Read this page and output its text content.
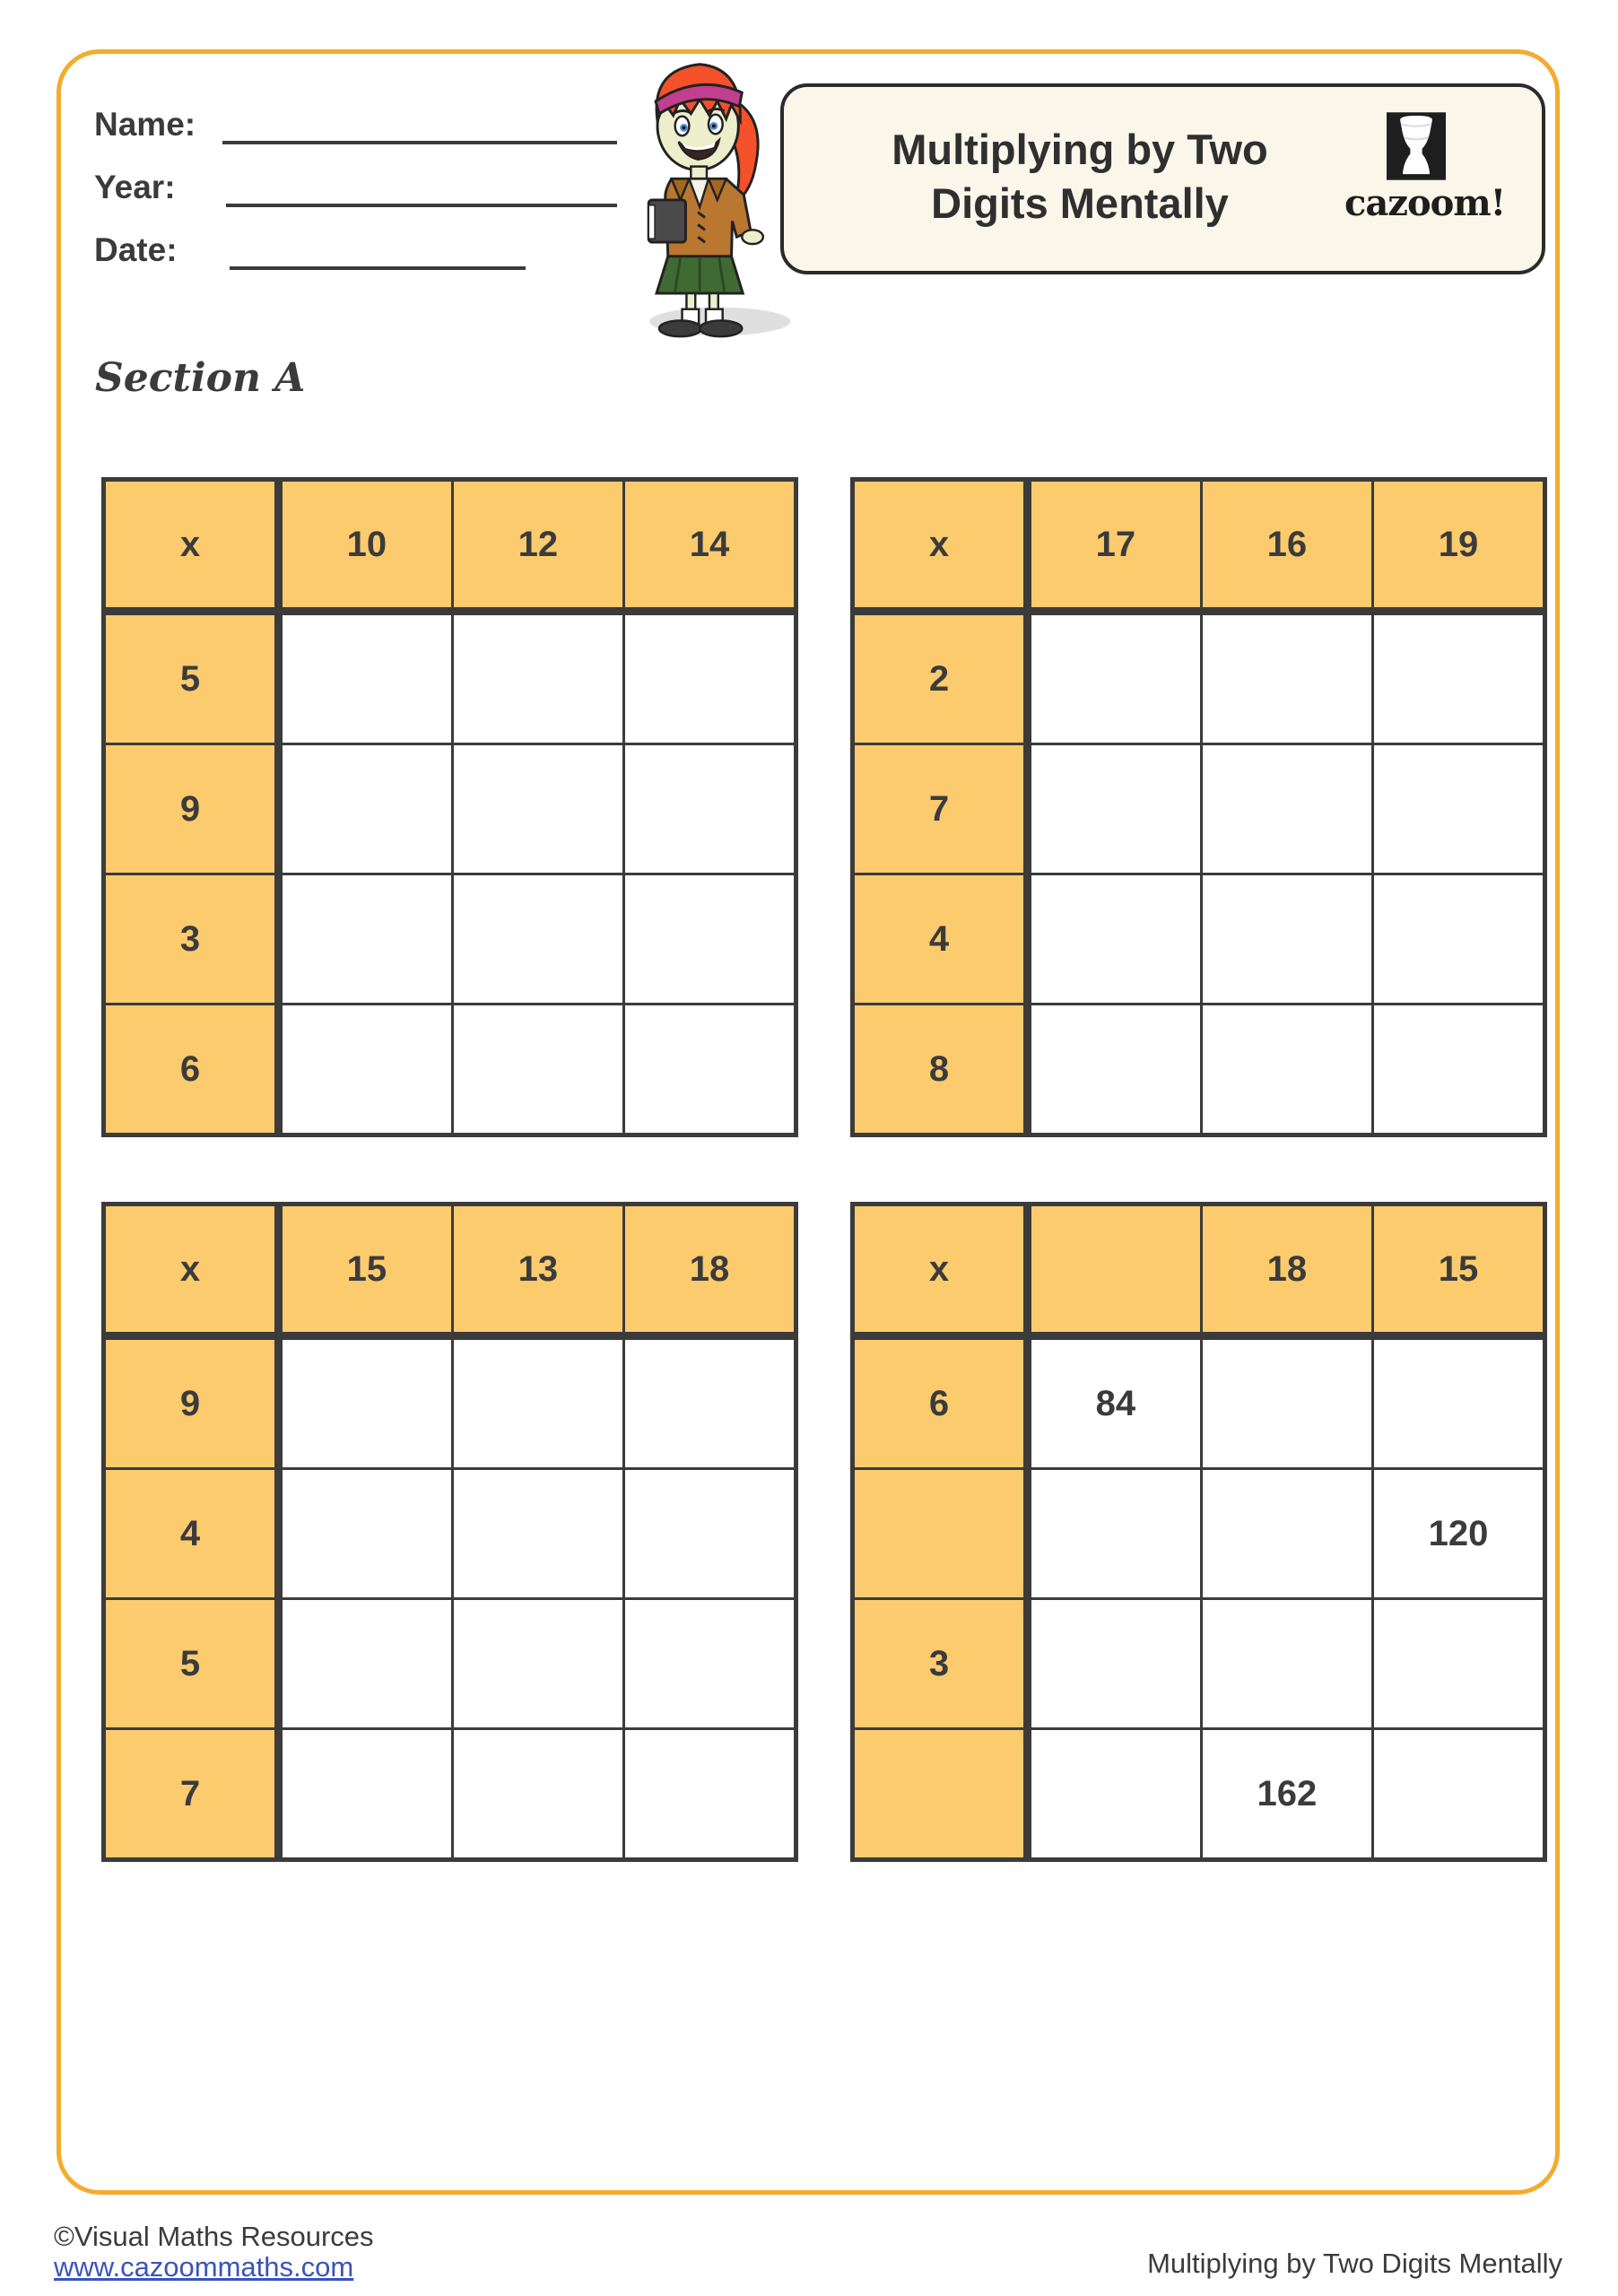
Name:
Year:
Date:
Multiplying by Two
Digits Mentally	cazoom!
Section A
x	10	12	14
5			
9			
3			
6			
x	17	16	19
2			
7			
4			
8			
x	15	13	18
9			
4			
5			
7			
x		18	15
6	84		
			120
3			
		162	
©Visual Maths Resources
www.cazoommaths.com	Multiplying by Two Digits Mentally
